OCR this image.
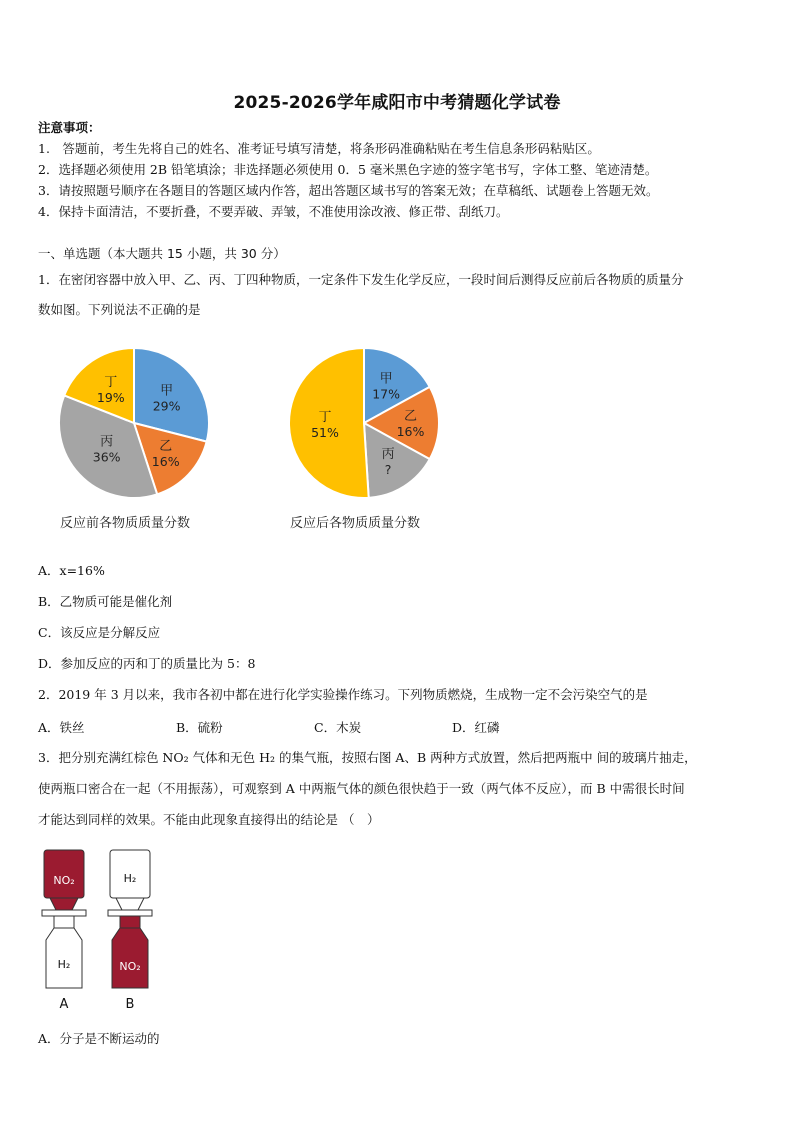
2025-2026学年咸阳市中考猜题化学试卷
注意事项：
1.　答题前，考生先将自己的姓名、准考证号填写清楚，将条形码准确粘贴在考生信息条形码粘贴区。
2．选择题必须使用 2B 铅笔填涂；非选择题必须使用 0．5 毫米黑色字迹的签字笔书写，字体工整、笔迹清楚。
3．请按照题号顺序在各题目的答题区域内作答，超出答题区域书写的答案无效；在草稿纸、试题卷上答题无效。
4．保持卡面清洁，不要折叠，不要弄破、弄皱，不准使用涂改液、修正带、刮纸刀。
一、单选题（本大题共 15 小题，共 30 分）
1．在密闭容器中放入甲、乙、丙、丁四种物质，一定条件下发生化学反应，一段时间后测得反应前后各物质的质量分
数如图。下列说法不正确的是
甲
29%
乙
16%
丙
36%
丁
19%
反应前各物质质量分数
甲
17%
乙
16%
丙
?
丁
51%
反应后各物质质量分数
A．x=16%
B．乙物质可能是催化剂
C．该反应是分解反应
D．参加反应的丙和丁的质量比为 5：8
2．2019 年 3 月以来，我市各初中都在进行化学实验操作练习。下列物质燃烧，生成物一定不会污染空气的是
A．铁丝	B．硫粉	C．木炭	D．红磷
3．把分别充满红棕色 NO₂ 气体和无色 H₂ 的集气瓶，按照右图 A、B 两种方式放置，然后把两瓶中 间的玻璃片抽走，
使两瓶口密合在一起（不用振荡），可观察到 A 中两瓶气体的颜色很快趋于一致（两气体不反应），而 B 中需很长时间
才能达到同样的效果。不能由此现象直接得出的结论是 （　）
NO₂
H₂
A
H₂
NO₂
B
A．分子是不断运动的
